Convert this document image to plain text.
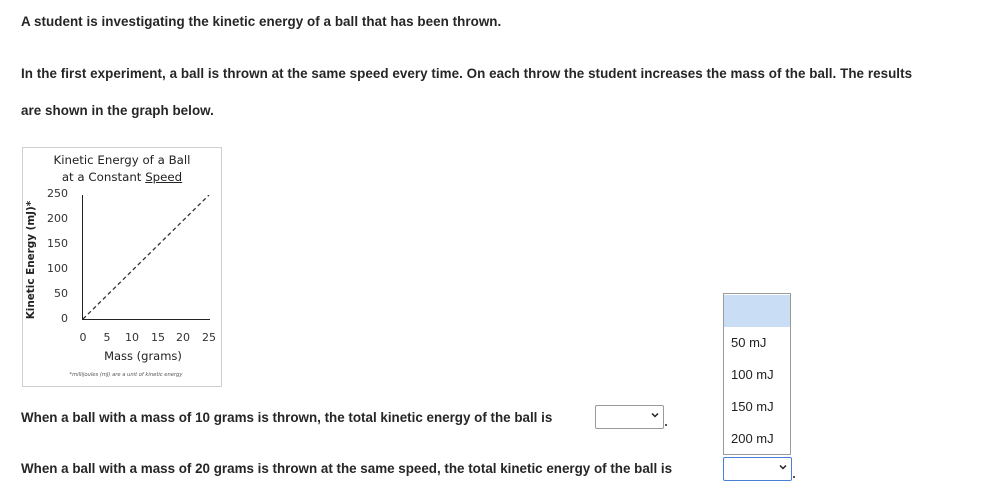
A student is investigating the kinetic energy of a ball that has been thrown.
In the first experiment, a ball is thrown at the same speed every time. On each throw the student increases the mass of the ball. The results
are shown in the graph below.
Kinetic Energy of a Ball
at a Constant Speed
Kinetic Energy (mJ)*
250
200
150
100
50
0
0	5	10	15	20	25
Mass (grams)
*millijoules (mJ) are a unit of kinetic energy
When a ball with a mass of 10 grams is thrown, the total kinetic energy of the ball is
When a ball with a mass of 20 grams is thrown at the same speed, the total kinetic energy of the ball is
50 mJ
100 mJ
150 mJ
200 mJ
